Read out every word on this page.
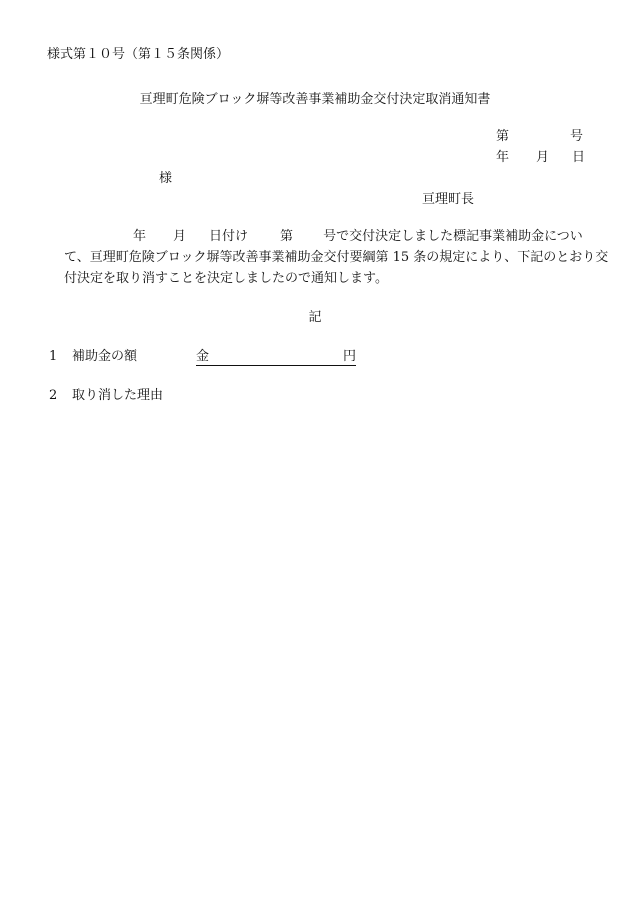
様式第１０号（第１５条関係）
亘理町危険ブロック塀等改善事業補助金交付決定取消通知書
第	号
年 月 日
様
亘理町長
年 月 日付け 第 号で交付決定しました標記事業補助金につい
て、亘理町危険ブロック塀等改善事業補助金交付要綱第 15 条の規定により、下記のとおり交
付決定を取り消すことを決定しましたので通知します。
記
1 補助金の額	金	円
2 取り消した理由
